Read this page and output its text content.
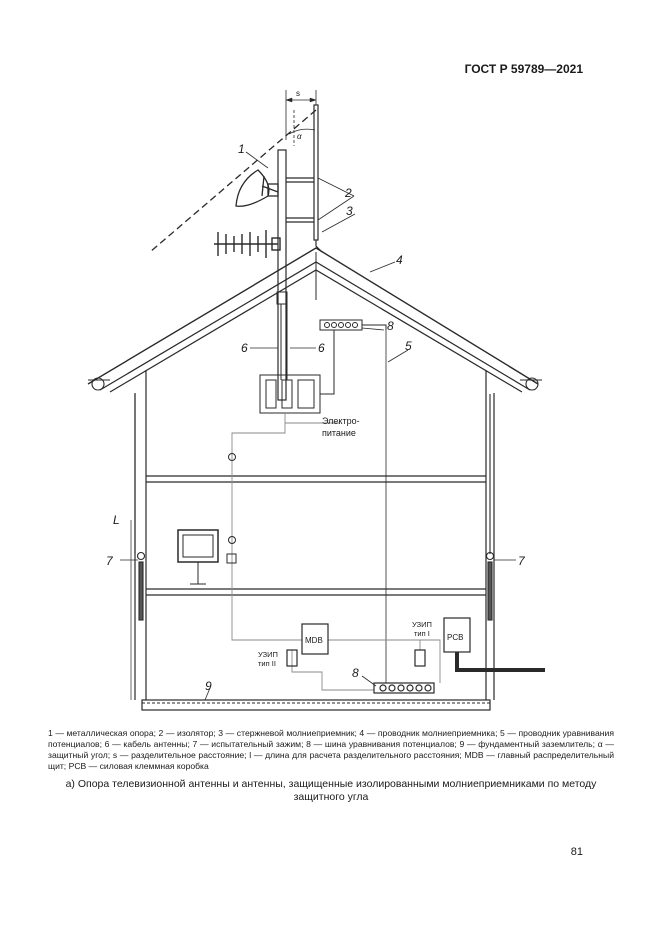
ГОСТ Р 59789—2021
s
α
1
2
3
4
5
6	6
7	7
8
8
9
L
Электро-
питание
MDB	PCB
УЗИП
тип I
УЗИП
тип II
1 — металлическая опора; 2 — изолятор; 3 — стержневой молниеприемник; 4 — проводник молниеприемника; 5 — проводник уравнивания потенциалов; 6 — кабель антенны; 7 — испытательный зажим; 8 — шина уравнивания потенциалов; 9 — фундаментный заземлитель; α — защитный угол; s — разделительное расстояние; l — длина для расчета разделительного расстояния; MDB — главный распределительный щит; PCB — силовая клеммная коробка
а) Опора телевизионной антенны и антенны, защищенные изолированными молниеприемниками по методу защитного угла
81
